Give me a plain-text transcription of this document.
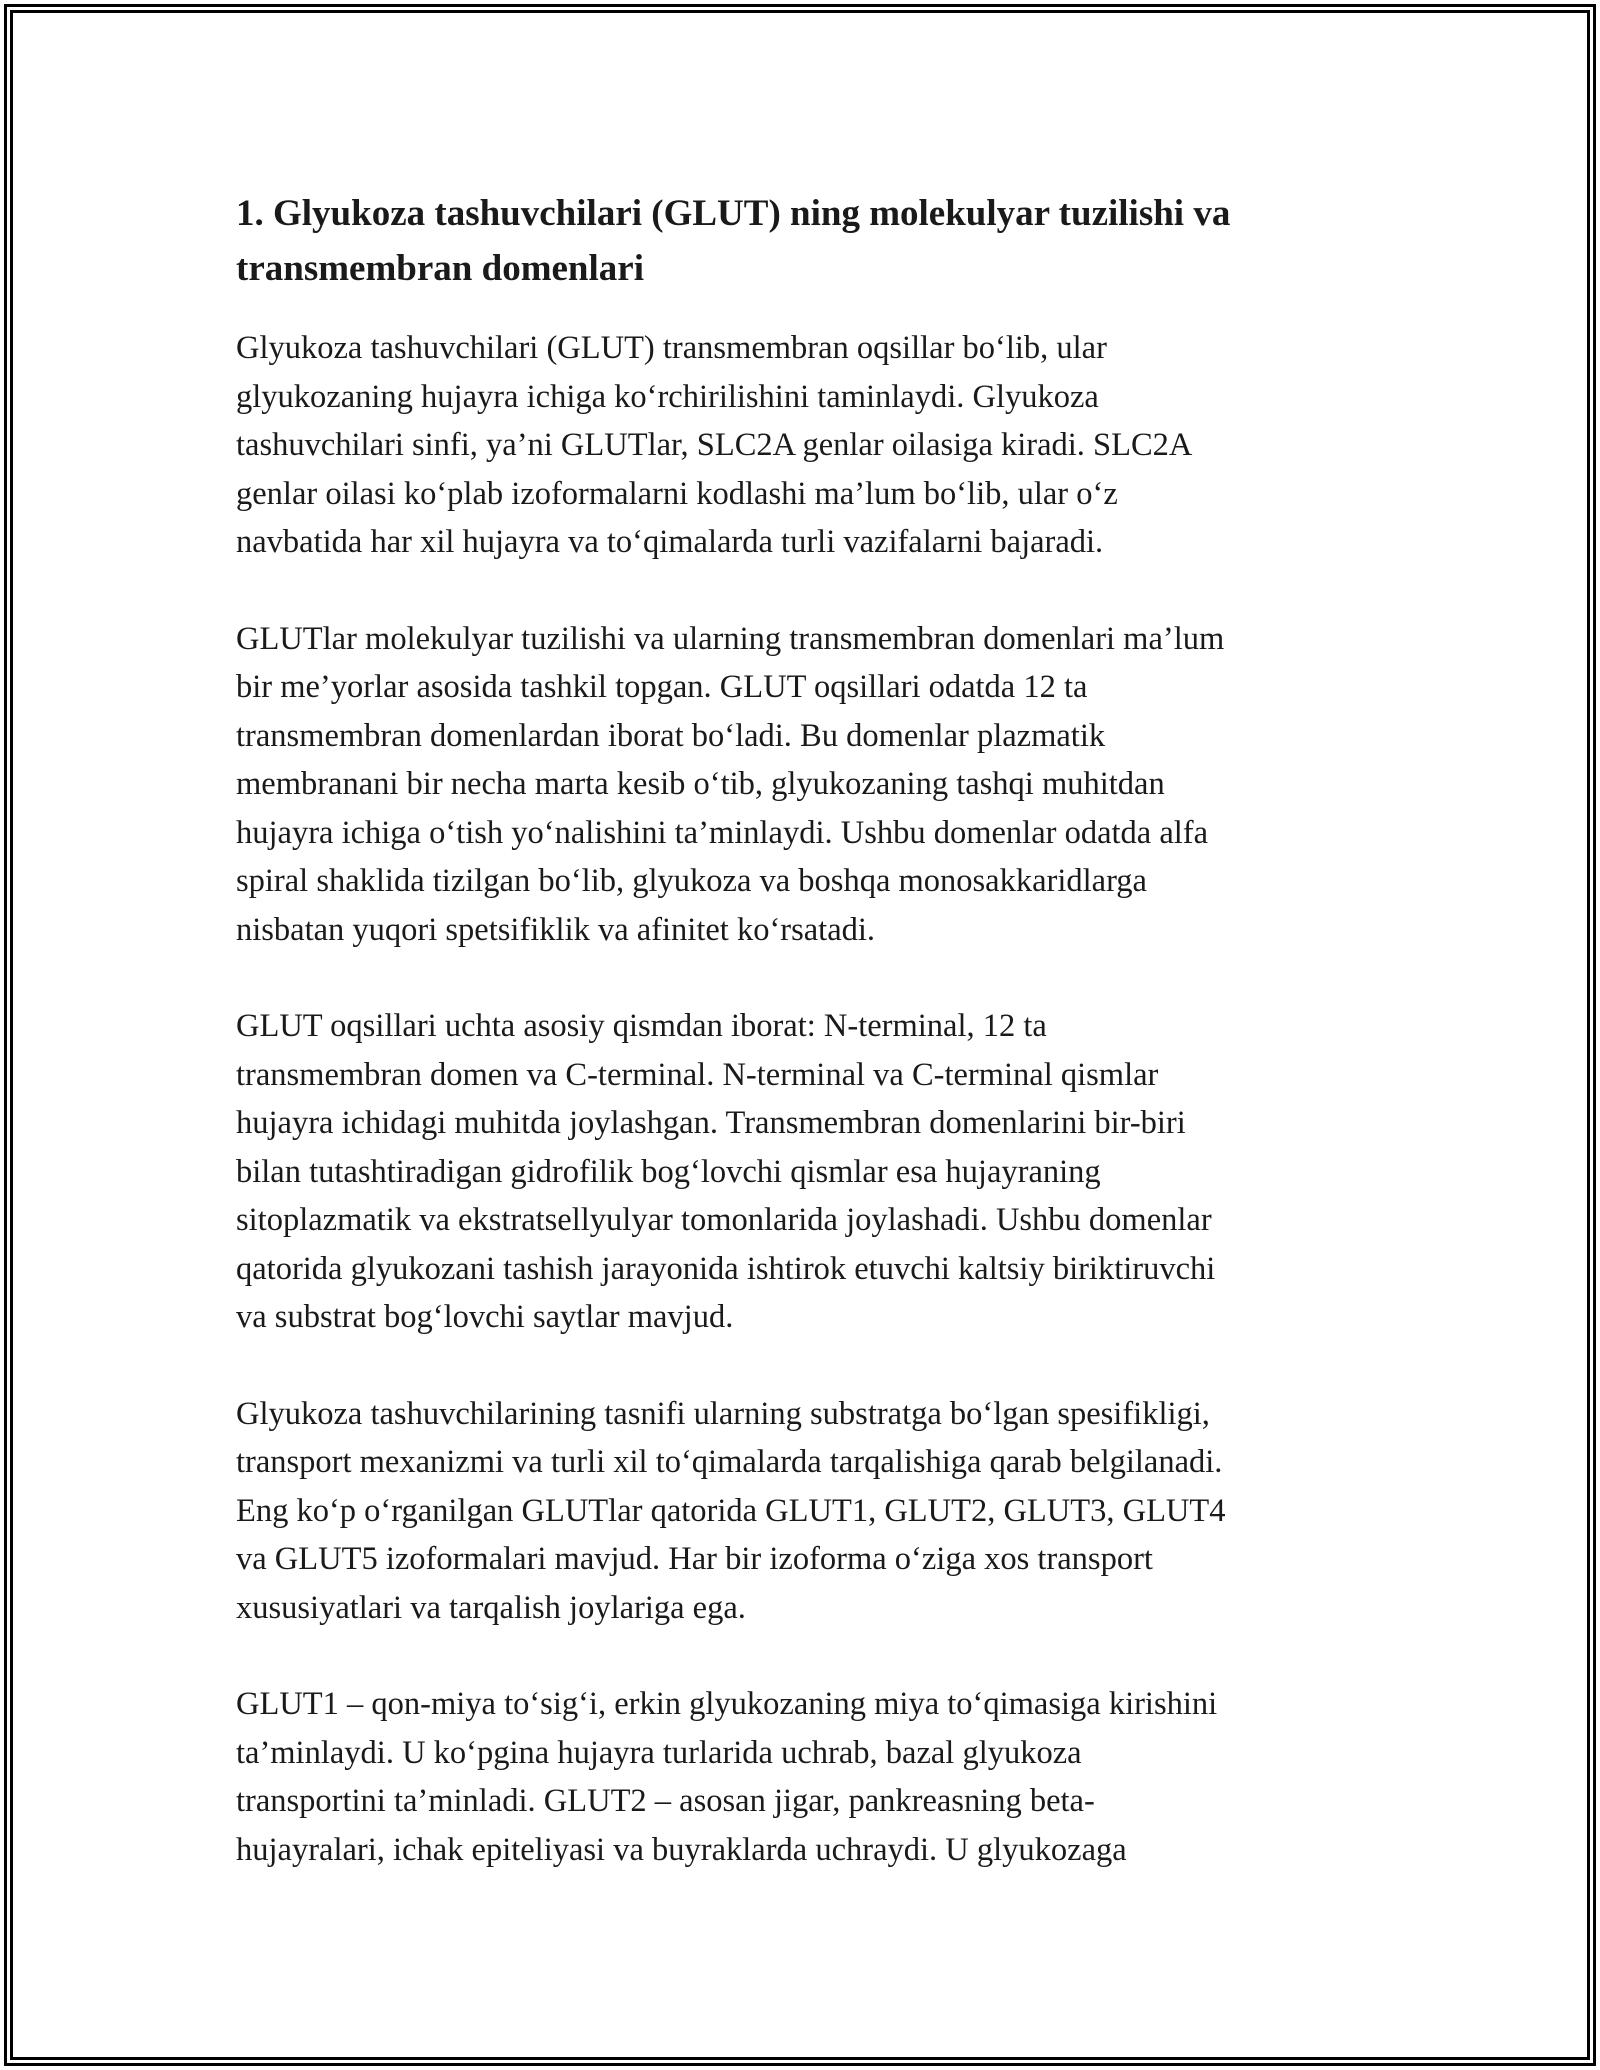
1. Glyukoza tashuvchilari (GLUT) ning molekulyar tuzilishi va
transmembran domenlari

Glyukoza tashuvchilari (GLUT) transmembran oqsillar bo‘lib, ular
glyukozaning hujayra ichiga ko‘rchirilishini taminlaydi. Glyukoza
tashuvchilari sinfi, ya’ni GLUTlar, SLC2A genlar oilasiga kiradi. SLC2A
genlar oilasi ko‘plab izoformalarni kodlashi ma’lum bo‘lib, ular o‘z
navbatida har xil hujayra va to‘qimalarda turli vazifalarni bajaradi.

GLUTlar molekulyar tuzilishi va ularning transmembran domenlari ma’lum
bir me’yorlar asosida tashkil topgan. GLUT oqsillari odatda 12 ta
transmembran domenlardan iborat bo‘ladi. Bu domenlar plazmatik
membranani bir necha marta kesib o‘tib, glyukozaning tashqi muhitdan
hujayra ichiga o‘tish yo‘nalishini ta’minlaydi. Ushbu domenlar odatda alfa
spiral shaklida tizilgan bo‘lib, glyukoza va boshqa monosakkaridlarga
nisbatan yuqori spetsifiklik va afinitet ko‘rsatadi.

GLUT oqsillari uchta asosiy qismdan iborat: N-terminal, 12 ta
transmembran domen va C-terminal. N-terminal va C-terminal qismlar
hujayra ichidagi muhitda joylashgan. Transmembran domenlarini bir-biri
bilan tutashtiradigan gidrofilik bog‘lovchi qismlar esa hujayraning
sitoplazmatik va ekstratsellyulyar tomonlarida joylashadi. Ushbu domenlar
qatorida glyukozani tashish jarayonida ishtirok etuvchi kaltsiy biriktiruvchi
va substrat bog‘lovchi saytlar mavjud.

Glyukoza tashuvchilarining tasnifi ularning substratga bo‘lgan spesifikligi,
transport mexanizmi va turli xil to‘qimalarda tarqalishiga qarab belgilanadi.
Eng ko‘p o‘rganilgan GLUTlar qatorida GLUT1, GLUT2, GLUT3, GLUT4
va GLUT5 izoformalari mavjud. Har bir izoforma o‘ziga xos transport
xususiyatlari va tarqalish joylariga ega.

GLUT1 – qon-miya to‘sig‘i, erkin glyukozaning miya to‘qimasiga kirishini
ta’minlaydi. U ko‘pgina hujayra turlarida uchrab, bazal glyukoza
transportini ta’minladi. GLUT2 – asosan jigar, pankreasning beta-
hujayralari, ichak epiteliyasi va buyraklarda uchraydi. U glyukozaga
